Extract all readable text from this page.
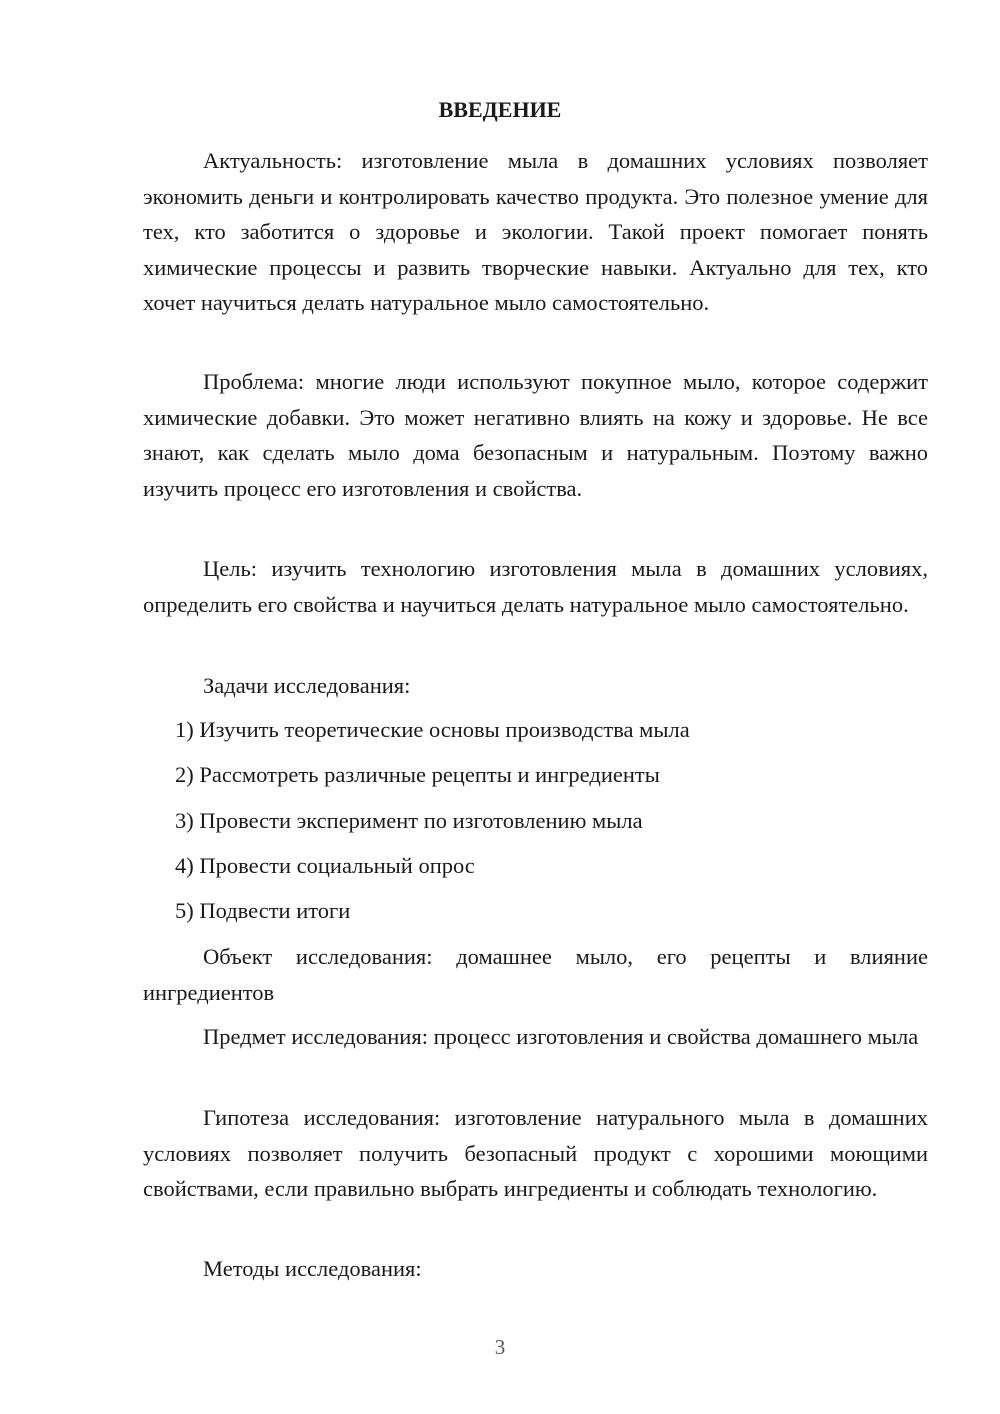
ВВЕДЕНИЕ

Актуальность: изготовление мыла в домашних условиях позволяет экономить деньги и контролировать качество продукта. Это полезное умение для тех, кто заботится о здоровье и экологии. Такой проект помогает понять химические процессы и развить творческие навыки. Актуально для тех, кто хочет научиться делать натуральное мыло самостоятельно.

Проблема: многие люди используют покупное мыло, которое содержит химические добавки. Это может негативно влиять на кожу и здоровье. Не все знают, как сделать мыло дома безопасным и натуральным. Поэтому важно изучить процесс его изготовления и свойства.

Цель: изучить технологию изготовления мыла в домашних условиях, определить его свойства и научиться делать натуральное мыло самостоятельно.

Задачи исследования:

1) Изучить теоретические основы производства мыла

2) Рассмотреть различные рецепты и ингредиенты

3) Провести эксперимент по изготовлению мыла

4) Провести социальный опрос

5) Подвести итоги

Объект исследования: домашнее мыло, его рецепты и влияние ингредиентов

Предмет исследования: процесс изготовления и свойства домашнего мыла

Гипотеза исследования: изготовление натурального мыла в домашних условиях позволяет получить безопасный продукт с хорошими моющими свойствами, если правильно выбрать ингредиенты и соблюдать технологию.

Методы исследования:

3
